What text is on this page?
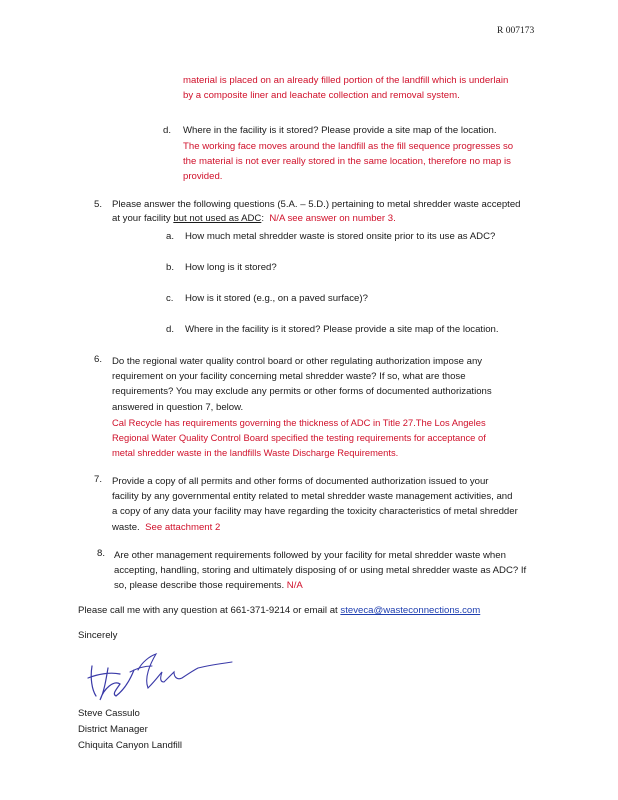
R 007173
material is placed on an already filled portion of the landfill which is underlain
by a composite liner and leachate collection and removal system.
d. Where in the facility is it stored? Please provide a site map of the location.
The working face moves around the landfill as the fill sequence progresses so
the material is not ever really stored in the same location, therefore no map is
provided.
5. Please answer the following questions (5.A. – 5.D.) pertaining to metal shredder waste accepted
at your facility but not used as ADC: N/A see answer on number 3.
a. How much metal shredder waste is stored onsite prior to its use as ADC?
b. How long is it stored?
c. How is it stored (e.g., on a paved surface)?
d. Where in the facility is it stored? Please provide a site map of the location.
6. Do the regional water quality control board or other regulating authorization impose any
requirement on your facility concerning metal shredder waste? If so, what are those
requirements? You may exclude any permits or other forms of documented authorizations
answered in question 7, below.
Cal Recycle has requirements governing the thickness of ADC in Title 27.The Los Angeles
Regional Water Quality Control Board specified the testing requirements for acceptance of
metal shredder waste in the landfills Waste Discharge Requirements.
7. Provide a copy of all permits and other forms of documented authorization issued to your
facility by any governmental entity related to metal shredder waste management activities, and
a copy of any data your facility may have regarding the toxicity characteristics of metal shredder
waste. See attachment 2
8. Are other management requirements followed by your facility for metal shredder waste when
accepting, handling, storing and ultimately disposing of or using metal shredder waste as ADC? If
so, please describe those requirements. N/A
Please call me with any question at 661-371-9214 or email at steveca@wasteconnections.com
Sincerely
Steve Cassulo
District Manager
Chiquita Canyon Landfill
